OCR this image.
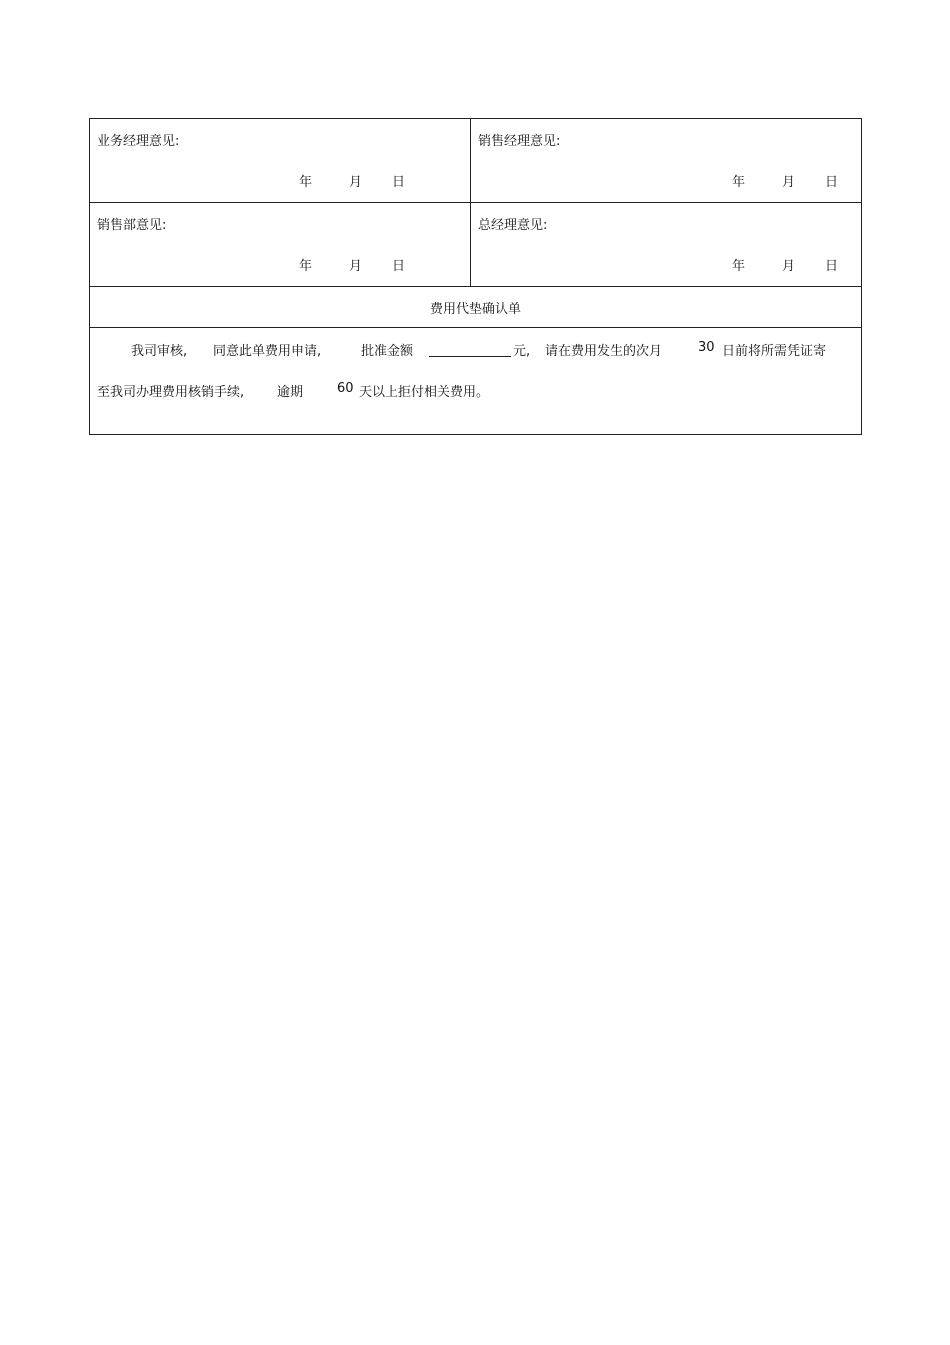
业务经理意见:
年	月 日
销售经理意见:
年	月 日
销售部意见:
年	月 日
总经理意见:
年	月 日
费用代垫确认单
我司审核, 同意此单费用申请,	批准金额	元, 请在费用发生的次月	30 日前将所需凭证寄
至我司办理费用核销手续,	逾期	60 天以上拒付相关费用。
